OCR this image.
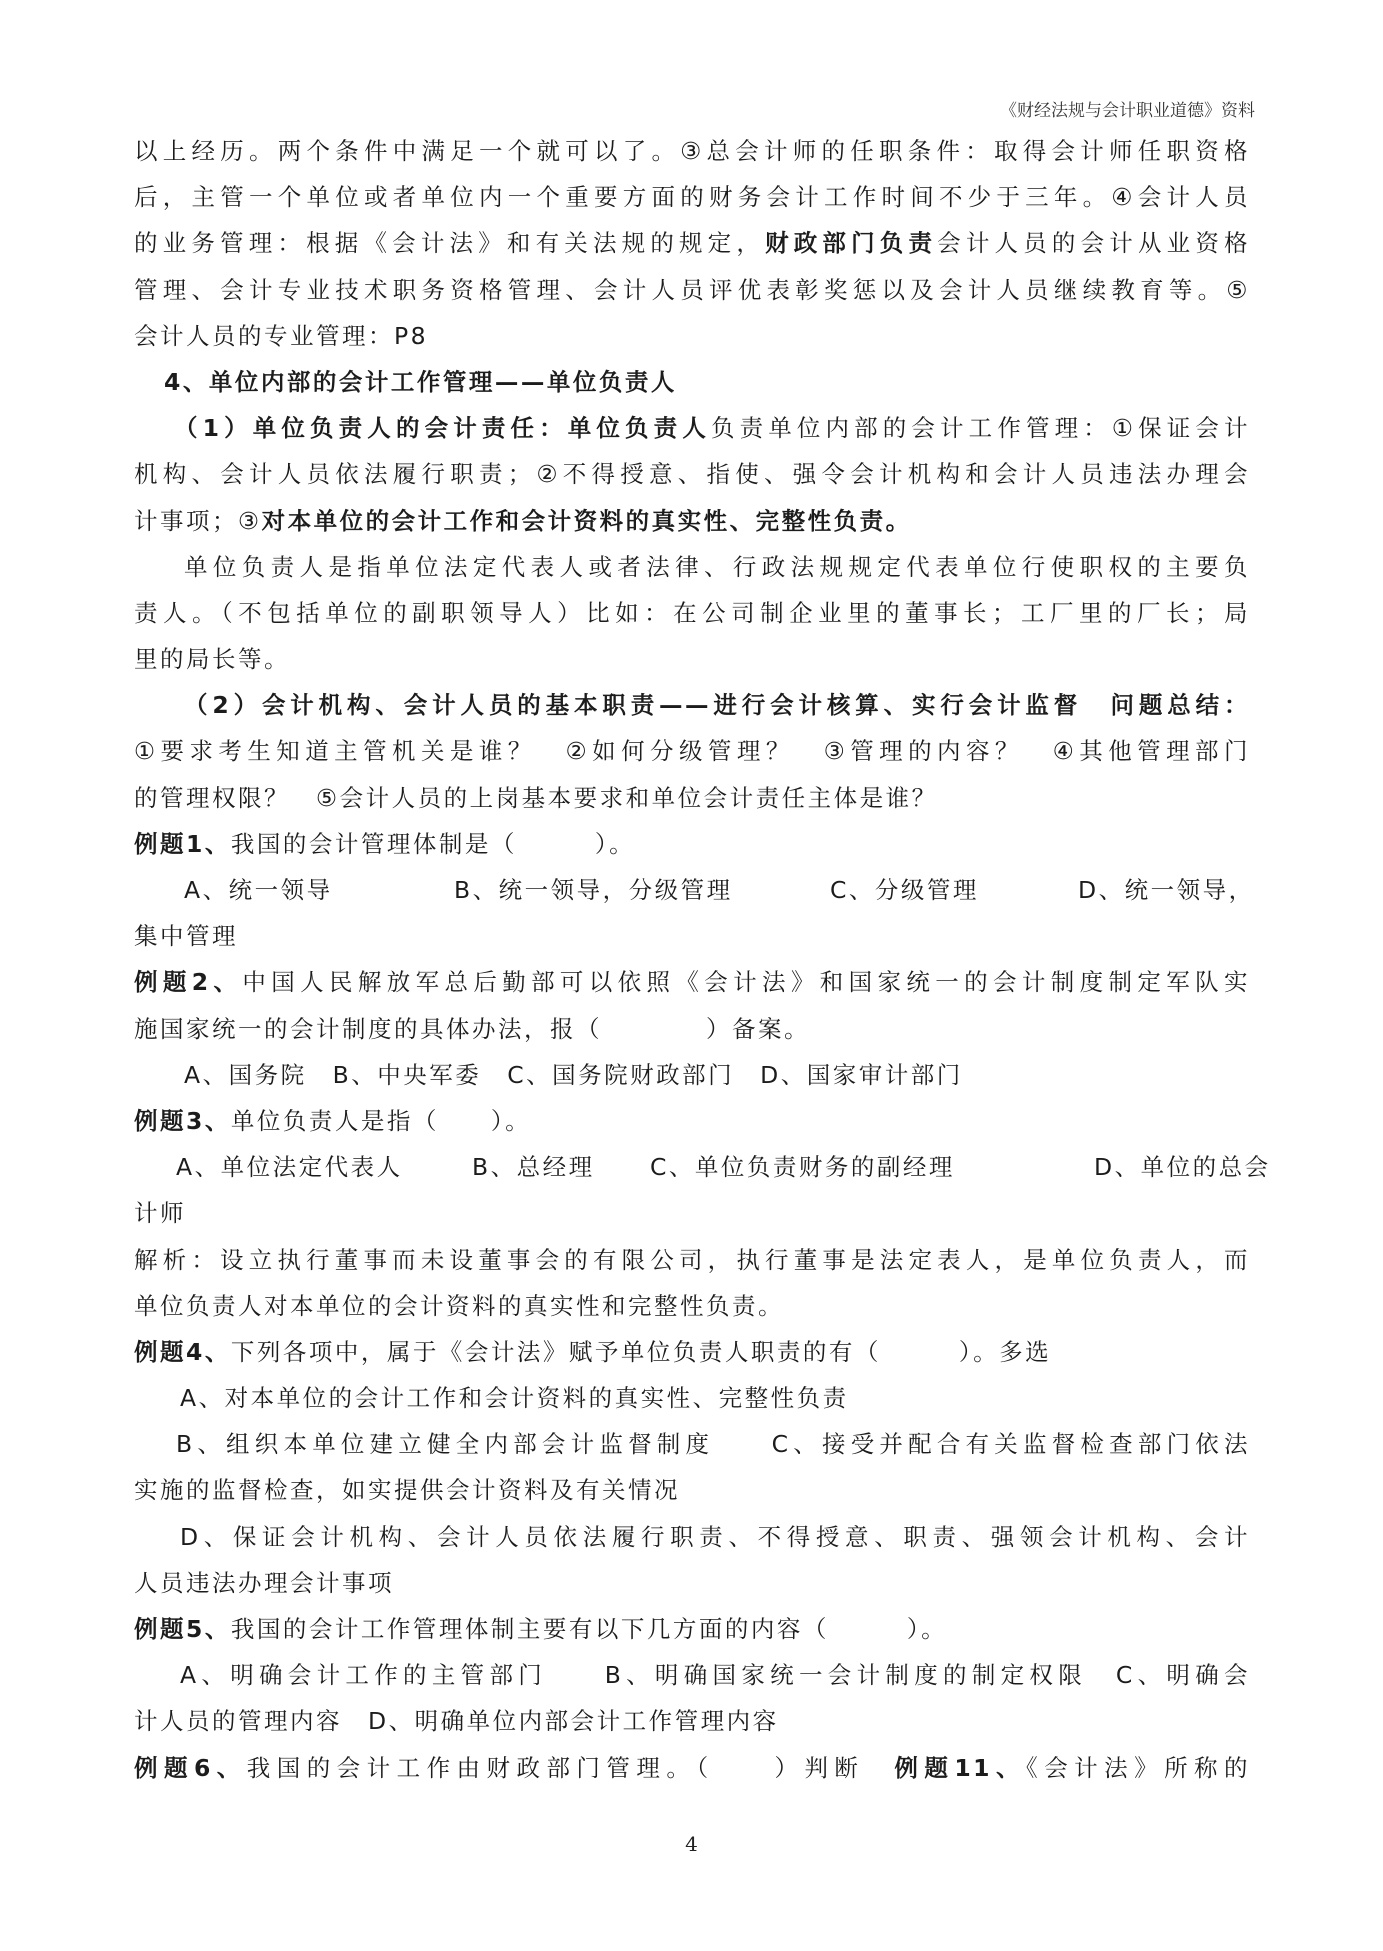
《财经法规与会计职业道德》资料
以上经历。两个条件中满足一个就可以了。③总会计师的任职条件：取得会计师任职资格
后，主管一个单位或者单位内一个重要方面的财务会计工作时间不少于三年。④会计人员
的业务管理：根据《会计法》和有关法规的规定，财政部门负责会计人员的会计从业资格
管理、会计专业技术职务资格管理、会计人员评优表彰奖惩以及会计人员继续教育等。⑤
会计人员的专业管理：P8
4、单位内部的会计工作管理——单位负责人
（1）单位负责人的会计责任：单位负责人负责单位内部的会计工作管理：①保证会计
机构、会计人员依法履行职责；②不得授意、指使、强令会计机构和会计人员违法办理会
计事项；③对本单位的会计工作和会计资料的真实性、完整性负责。
单位负责人是指单位法定代表人或者法律、行政法规规定代表单位行使职权的主要负
责人。（不包括单位的副职领导人）比如：在公司制企业里的董事长；工厂里的厂长；局
里的局长等。
（2）会计机构、会计人员的基本职责——进行会计核算、实行会计监督　问题总结：
①要求考生知道主管机关是谁？　②如何分级管理？　③管理的内容？　④其他管理部门
的管理权限？　⑤会计人员的上岗基本要求和单位会计责任主体是谁？
例题1、我国的会计管理体制是（　　　）。
A、统一领导	B、统一领导，分级管理	C、分级管理	D、统一领导，
集中管理
例题2、中国人民解放军总后勤部可以依照《会计法》和国家统一的会计制度制定军队实
施国家统一的会计制度的具体办法，报（　　　　）备案。
A、国务院　B、中央军委　C、国务院财政部门　D、国家审计部门
例题3、单位负责人是指（　　）。
A、单位法定代表人	B、总经理 C、单位负责财务的副经理	D、单位的总会
计师
解析：设立执行董事而未设董事会的有限公司，执行董事是法定表人，是单位负责人，而
单位负责人对本单位的会计资料的真实性和完整性负责。
例题4、下列各项中，属于《会计法》赋予单位负责人职责的有（　　　）。多选
A、对本单位的会计工作和会计资料的真实性、完整性负责
B、组织本单位建立健全内部会计监督制度　　C、接受并配合有关监督检查部门依法
实施的监督检查，如实提供会计资料及有关情况
D、保证会计机构、会计人员依法履行职责、不得授意、职责、强领会计机构、会计
人员违法办理会计事项
例题5、我国的会计工作管理体制主要有以下几方面的内容（　　　）。
A、明确会计工作的主管部门　　B、明确国家统一会计制度的制定权限　C、明确会
计人员的管理内容　D、明确单位内部会计工作管理内容
例题6、我国的会计工作由财政部门管理。（　　）判断　 例题11、《会计法》所称的
4
